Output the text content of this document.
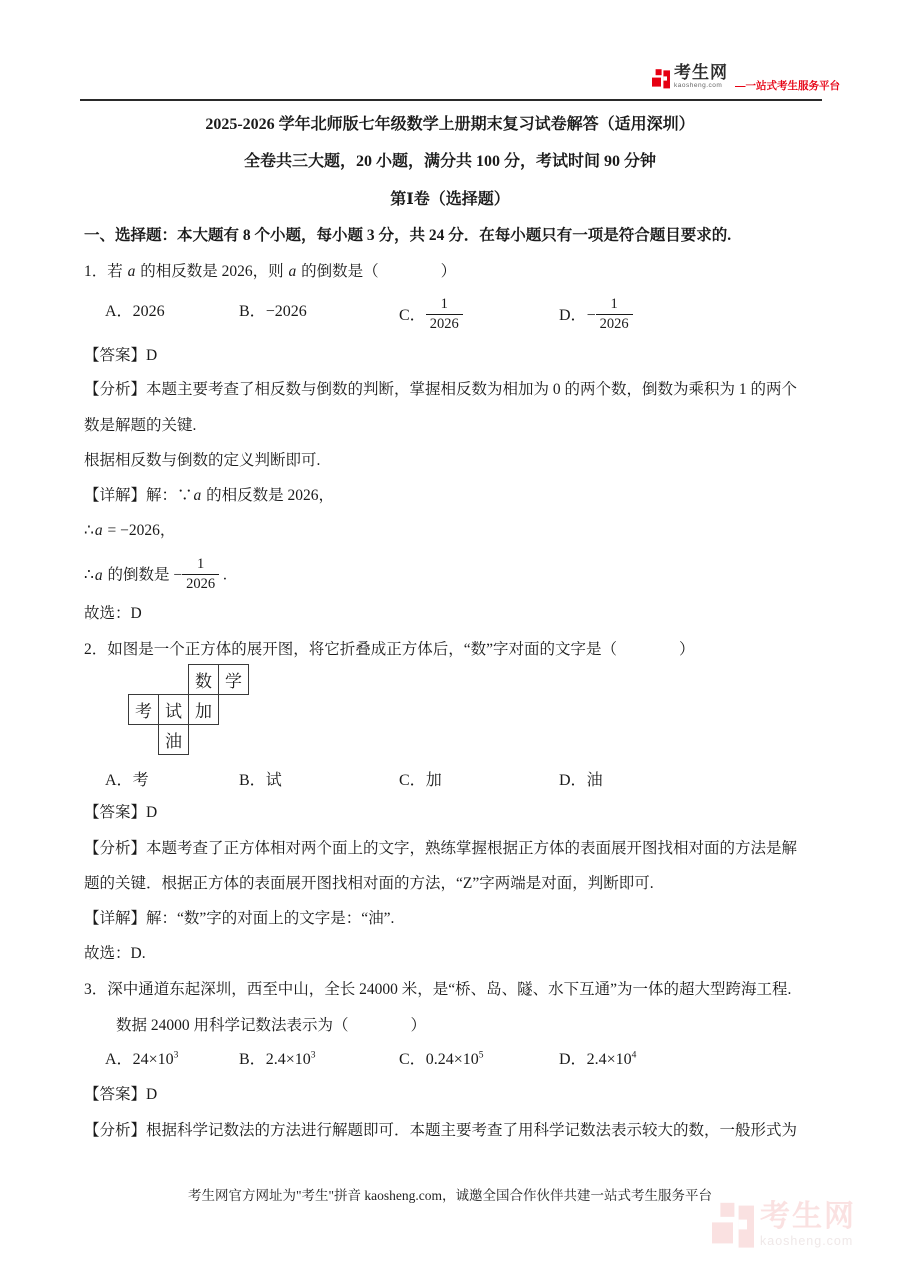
考生网
kaosheng.com	—一站式考生服务平台
2025-2026 学年北师版七年级数学上册期末复习试卷解答（适用深圳）
全卷共三大题，20 小题，满分共 100 分，考试时间 90 分钟
第Ⅰ卷（选择题）
一、选择题：本大题有 8 个小题，每小题 3 分，共 24 分．在每小题只有一项是符合题目要求的.
1．若 a 的相反数是 2026，则 a 的倒数是（　　　　）
A．2026	B．−2026	C． $\frac{1}{2026}$	D．− $\frac{1}{2026}$
【答案】D
【分析】本题主要考查了相反数与倒数的判断，掌握相反数为相加为 0 的两个数，倒数为乘积为 1 的两个
数是解题的关键.
根据相反数与倒数的定义判断即可.
【详解】解：∵a 的相反数是 2026，
∴a = −2026，
∴a 的倒数是 − $\frac{1}{2026}$ .
故选：D
2．如图是一个正方体的展开图，将它折叠成正方体后，“数”字对面的文字是（　　　　）
数 学
考 试 加
油
A．考	B．试	C．加	D．油
【答案】D
【分析】本题考查了正方体相对两个面上的文字，熟练掌握根据正方体的表面展开图找相对面的方法是解
题的关键．根据正方体的表面展开图找相对面的方法，“Z”字两端是对面，判断即可.
【详解】解：“数”字的对面上的文字是：“油”.
故选：D.
3．深中通道东起深圳，西至中山，全长 24000 米，是“桥、岛、隧、水下互通”为一体的超大型跨海工程.
数据 24000 用科学记数法表示为（　　　　）
A．$24\times 10^3$	B．$2.4\times 10^3$	C．$0.24\times 10^5$	D．$2.4\times 10^4$
【答案】D
【分析】根据科学记数法的方法进行解题即可．本题主要考查了用科学记数法表示较大的数，一般形式为
考生网官方网址为"考生"拼音 kaosheng.com，诚邀全国合作伙伴共建一站式考生服务平台
考生网
kaosheng.com
